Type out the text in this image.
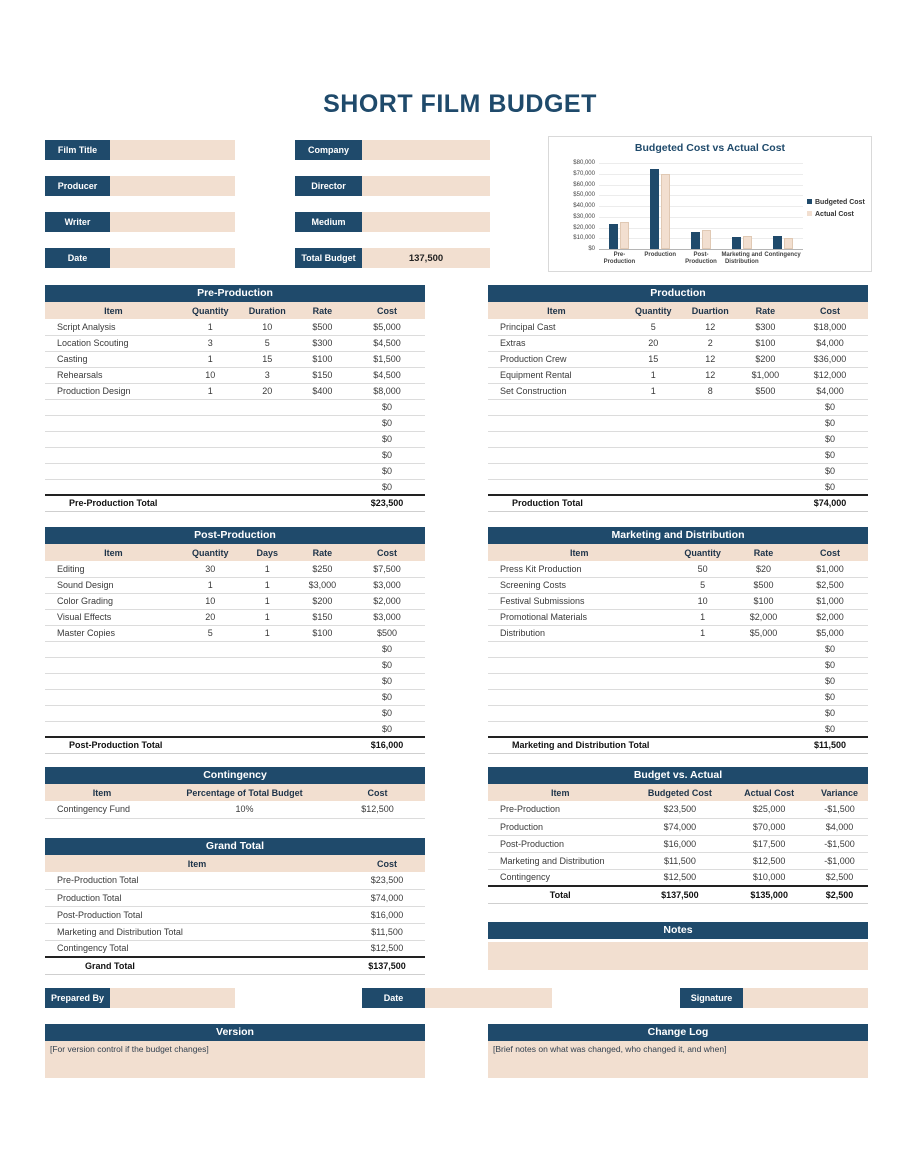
SHORT FILM BUDGET
Film Title
Producer
Writer
Date
Company
Director
Medium
Total Budget	137,500
Budgeted Cost vs Actual Cost
$80,000
$70,000
$60,000
$50,000
$40,000
$30,000
$20,000
$10,000
$0
Pre-Production
Production	Post-Production
Marketing and Distribution
Contingency
Budgeted Cost
Actual Cost
Pre-Production
Item	Quantity	Duration	Rate	Cost
Script Analysis	1	10	$500	$5,000
Location Scouting	3	5	$300	$4,500
Casting	1	15	$100	$1,500
Rehearsals	10	3	$150	$4,500
Production Design	1	20	$400	$8,000
				$0
				$0
				$0
				$0
				$0
				$0
Pre-Production Total				$23,500
Production
Item	Quantity	Duartion	Rate	Cost
Principal Cast	5	12	$300	$18,000
Extras	20	2	$100	$4,000
Production Crew	15	12	$200	$36,000
Equipment Rental	1	12	$1,000	$12,000
Set Construction	1	8	$500	$4,000
				$0
				$0
				$0
				$0
				$0
				$0
Production Total				$74,000
Post-Production
Item	Quantity	Days	Rate	Cost
Editing	30	1	$250	$7,500
Sound Design	1	1	$3,000	$3,000
Color Grading	10	1	$200	$2,000
Visual Effects	20	1	$150	$3,000
Master Copies	5	1	$100	$500
				$0
				$0
				$0
				$0
				$0
				$0
Post-Production Total				$16,000
Marketing and Distribution
Item	Quantity	Rate	Cost
Press Kit Production	50	$20	$1,000
Screening Costs	5	$500	$2,500
Festival Submissions	10	$100	$1,000
Promotional Materials	1	$2,000	$2,000
Distribution	1	$5,000	$5,000
			$0
			$0
			$0
			$0
			$0
			$0
Marketing and Distribution Total			$11,500
Contingency
Item	Percentage of Total Budget	Cost
Contingency Fund	10%	$12,500
Grand Total
Item	Cost
Pre-Production Total	$23,500
Production Total	$74,000
Post-Production Total	$16,000
Marketing and Distribution Total	$11,500
Contingency Total	$12,500
Grand Total	$137,500
Budget vs. Actual
Item	Budgeted Cost	Actual Cost	Variance
Pre-Production	$23,500	$25,000	-$1,500
Production	$74,000	$70,000	$4,000
Post-Production	$16,000	$17,500	-$1,500
Marketing and Distribution	$11,500	$12,500	-$1,000
Contingency	$12,500	$10,000	$2,500
Total	$137,500	$135,000	$2,500
Notes
Prepared By	Date	Signature
Version
[For version control if the budget changes]
Change Log
[Brief notes on what was changed, who changed it, and when]
